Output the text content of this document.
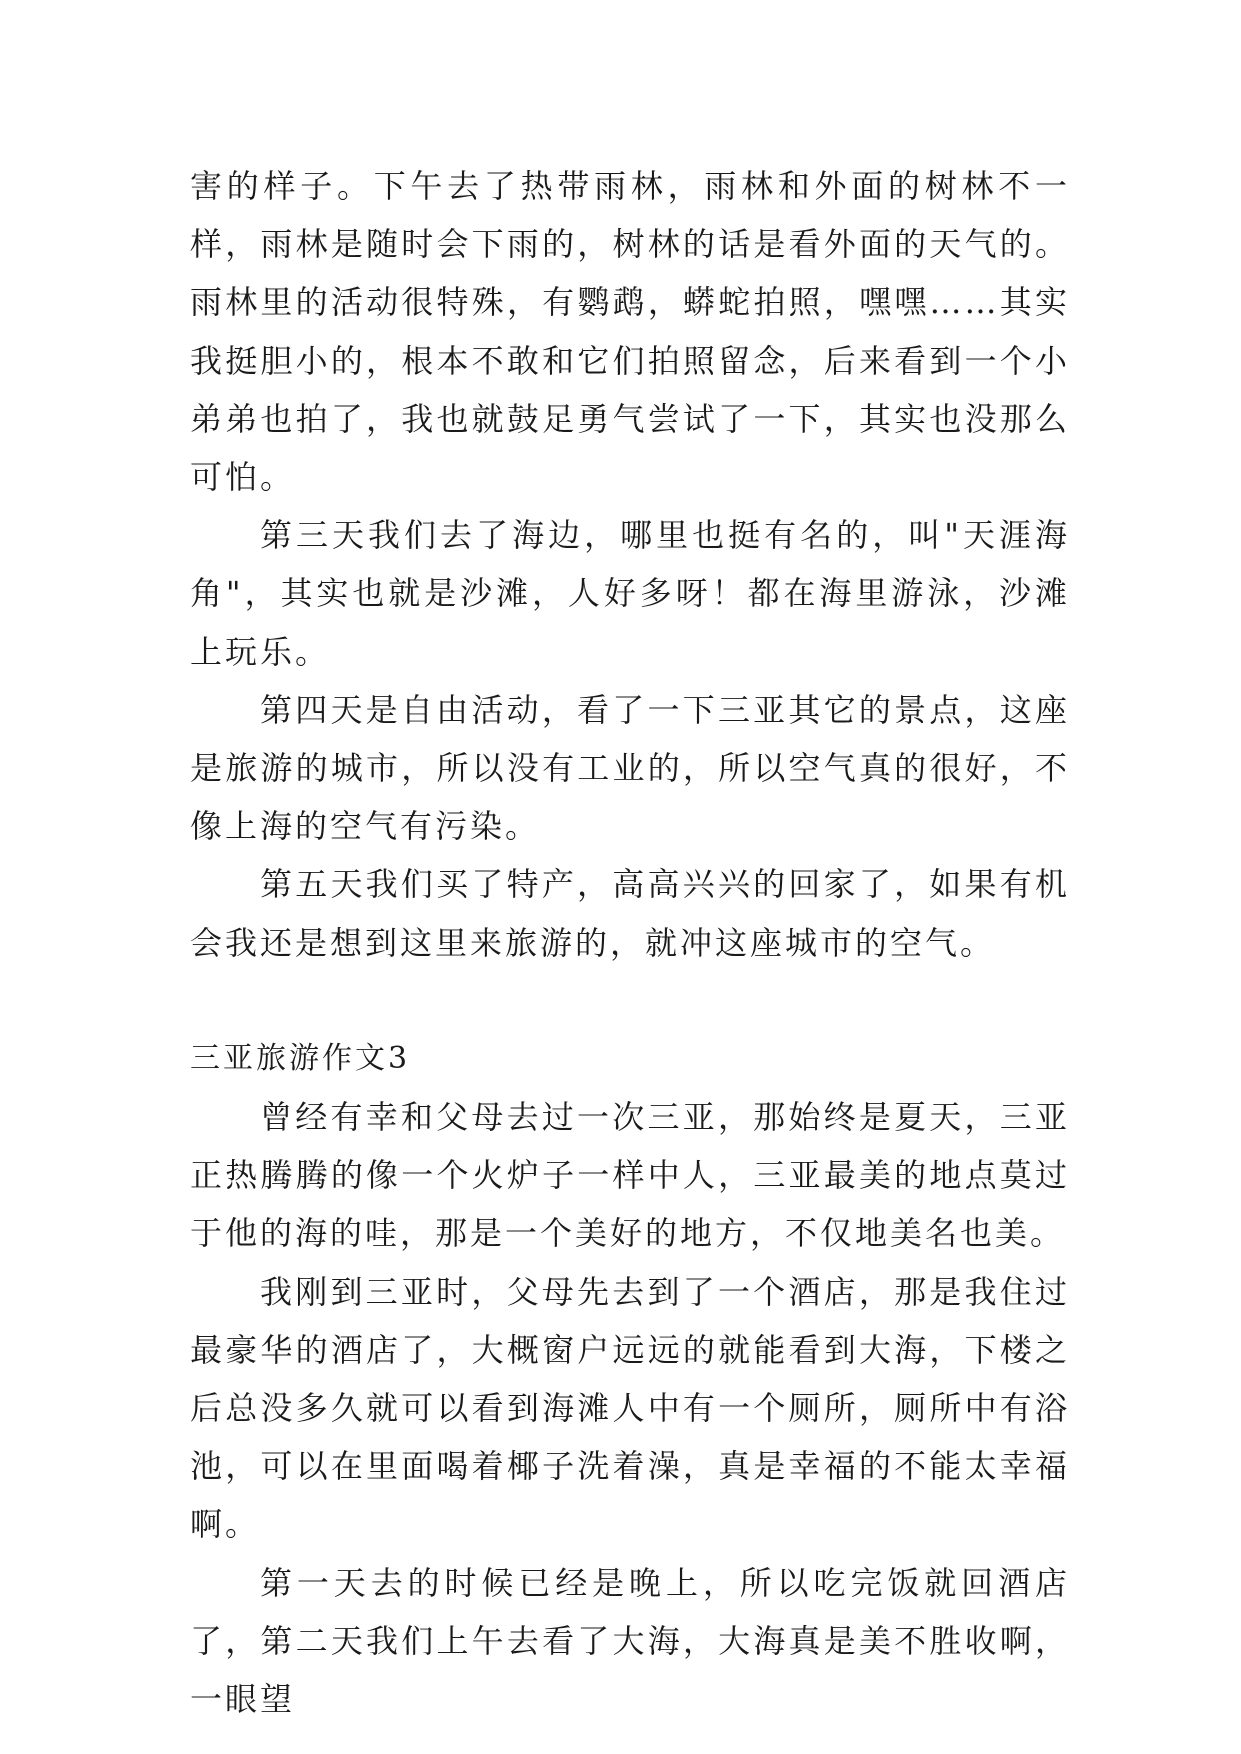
害的样子。下午去了热带雨林，雨林和外面的树林不一样，雨林是随时会下雨的，树林的话是看外面的天气的。雨林里的活动很特殊，有鹦鹉，蟒蛇拍照，嘿嘿……其实我挺胆小的，根本不敢和它们拍照留念，后来看到一个小弟弟也拍了，我也就鼓足勇气尝试了一下，其实也没那么可怕。

第三天我们去了海边，哪里也挺有名的，叫"天涯海角"，其实也就是沙滩，人好多呀！都在海里游泳，沙滩上玩乐。

第四天是自由活动，看了一下三亚其它的景点，这座是旅游的城市，所以没有工业的，所以空气真的很好，不像上海的空气有污染。

第五天我们买了特产，高高兴兴的回家了，如果有机会我还是想到这里来旅游的，就冲这座城市的空气。

三亚旅游作文3

曾经有幸和父母去过一次三亚，那始终是夏天，三亚正热腾腾的像一个火炉子一样中人，三亚最美的地点莫过于他的海的哇，那是一个美好的地方，不仅地美名也美。

我刚到三亚时，父母先去到了一个酒店，那是我住过最豪华的酒店了，大概窗户远远的就能看到大海，下楼之后总没多久就可以看到海滩人中有一个厕所，厕所中有浴池，可以在里面喝着椰子洗着澡，真是幸福的不能太幸福啊。

第一天去的时候已经是晚上，所以吃完饭就回酒店了，第二天我们上午去看了大海，大海真是美不胜收啊，一眼望
